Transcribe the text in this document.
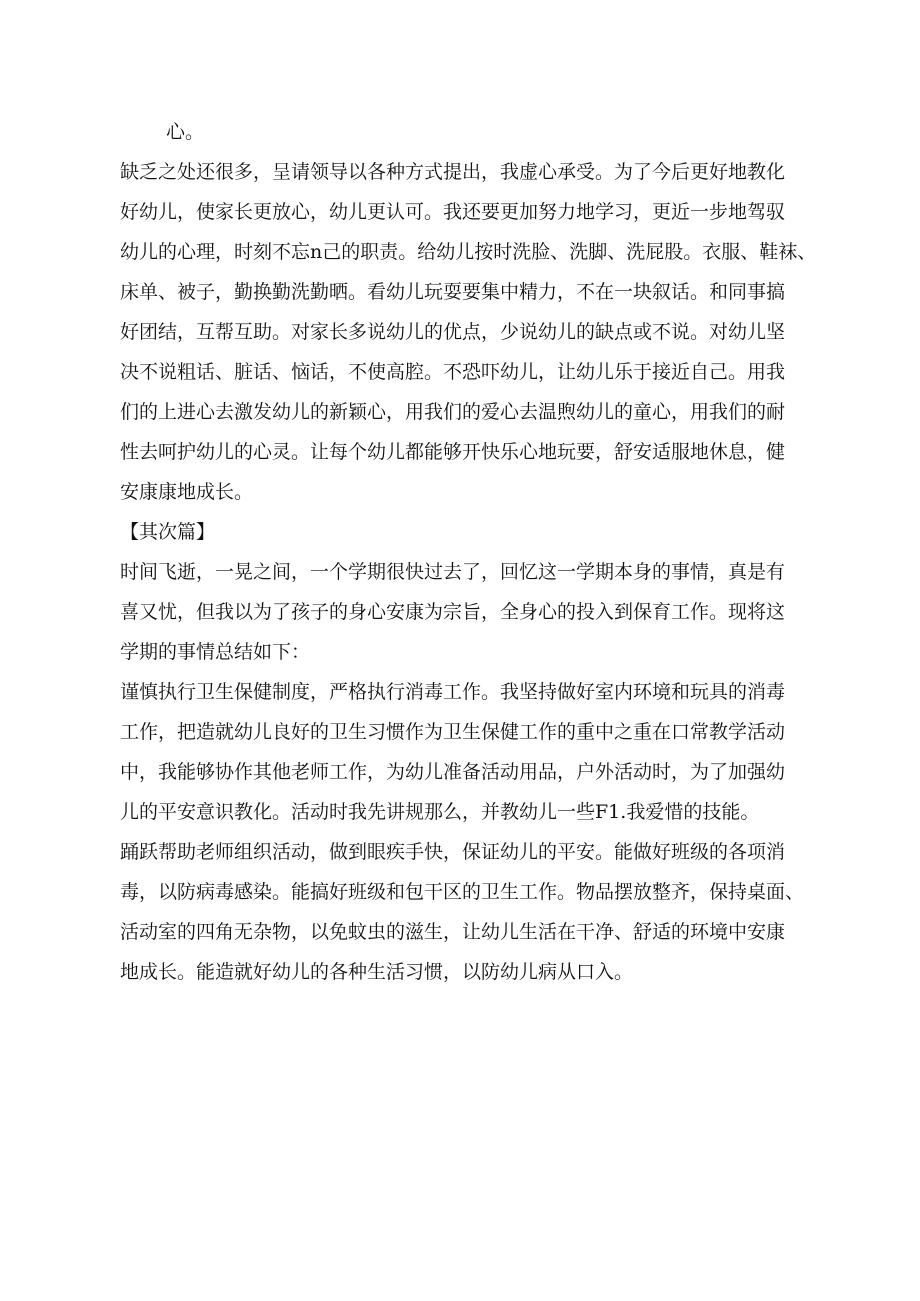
心。
缺乏之处还很多，呈请领导以各种方式提出，我虚心承受。为了今后更好地教化
好幼儿，使家长更放心，幼儿更认可。我还要更加努力地学习，更近一步地驾驭
幼儿的心理，时刻不忘n己的职责。给幼儿按时洗脸、洗脚、洗屁股。衣服、鞋袜、
床单、被子，勤换勤洗勤晒。看幼儿玩耍要集中精力，不在一块叙话。和同事搞
好团结，互帮互助。对家长多说幼儿的优点，少说幼儿的缺点或不说。对幼儿坚
决不说粗话、脏话、恼话，不使高腔。不恐吓幼儿，让幼儿乐于接近自己。用我
们的上进心去激发幼儿的新颖心，用我们的爱心去温煦幼儿的童心，用我们的耐
性去呵护幼儿的心灵。让每个幼儿都能够开快乐心地玩要，舒安适服地休息，健
安康康地成长。
【其次篇】
时间飞逝，一晃之间，一个学期很快过去了，回忆这一学期本身的事情，真是有
喜又忧，但我以为了孩子的身心安康为宗旨，全身心的投入到保育工作。现将这
学期的事情总结如下：
谨慎执行卫生保健制度，严格执行消毒工作。我坚持做好室内环境和玩具的消毒
工作，把造就幼儿良好的卫生习惯作为卫生保健工作的重中之重在口常教学活动
中，我能够协作其他老师工作，为幼儿准备活动用品，户外活动时，为了加强幼
儿的平安意识教化。活动时我先讲规那么，并教幼儿一些F1.我爱惜的技能。
踊跃帮助老师组织活动，做到眼疾手快，保证幼儿的平安。能做好班级的各项消
毒，以防病毒感染。能搞好班级和包干区的卫生工作。物品摆放整齐，保持桌面、
活动室的四角无杂物，以免蚊虫的滋生，让幼儿生活在干净、舒适的环境中安康
地成长。能造就好幼儿的各种生活习惯，以防幼儿病从口入。
